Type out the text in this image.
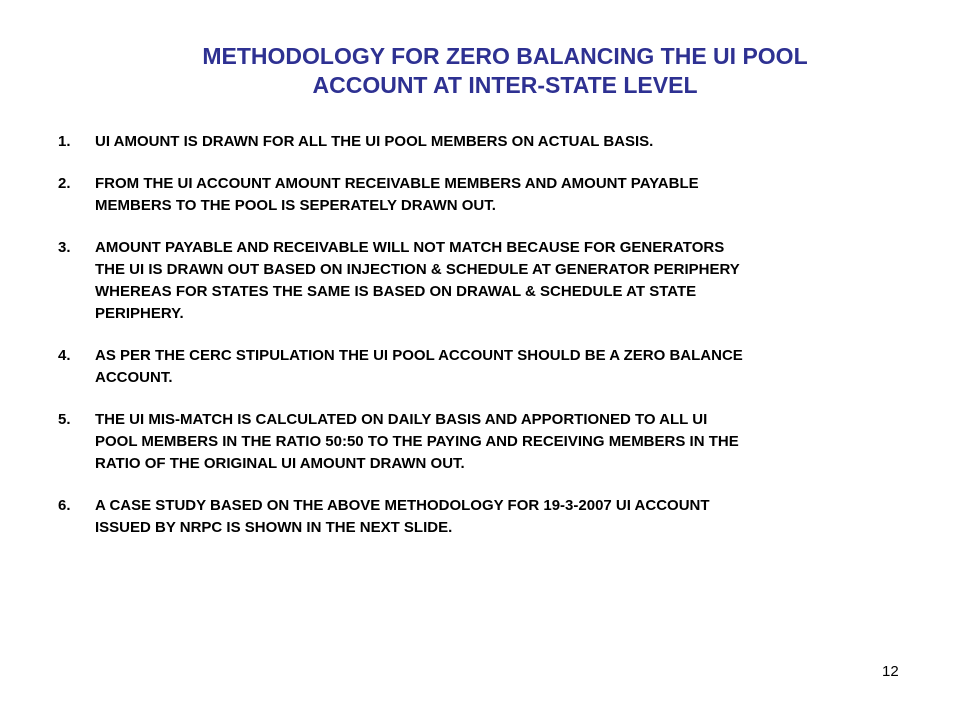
METHODOLOGY FOR ZERO BALANCING THE UI POOL
ACCOUNT AT INTER-STATE LEVEL
1.	UI AMOUNT IS DRAWN FOR ALL THE UI POOL MEMBERS ON ACTUAL BASIS.
2.	FROM THE UI ACCOUNT AMOUNT RECEIVABLE MEMBERS AND AMOUNT PAYABLE
MEMBERS TO THE POOL IS SEPERATELY DRAWN OUT.
3.	AMOUNT PAYABLE AND RECEIVABLE WILL NOT MATCH BECAUSE FOR GENERATORS
THE UI IS DRAWN OUT BASED ON INJECTION & SCHEDULE AT GENERATOR PERIPHERY
WHEREAS FOR STATES THE SAME IS BASED ON DRAWAL & SCHEDULE AT STATE
PERIPHERY.
4.	AS PER THE CERC STIPULATION THE UI POOL ACCOUNT SHOULD BE A ZERO BALANCE
ACCOUNT.
5.	THE UI MIS-MATCH IS CALCULATED ON DAILY BASIS AND APPORTIONED TO ALL UI
POOL MEMBERS IN THE RATIO 50:50 TO THE PAYING AND RECEIVING MEMBERS IN THE
RATIO OF THE ORIGINAL UI AMOUNT DRAWN OUT.
6.	A CASE STUDY BASED ON THE ABOVE METHODOLOGY FOR 19-3-2007 UI ACCOUNT
ISSUED BY NRPC IS SHOWN IN THE NEXT SLIDE.
12
